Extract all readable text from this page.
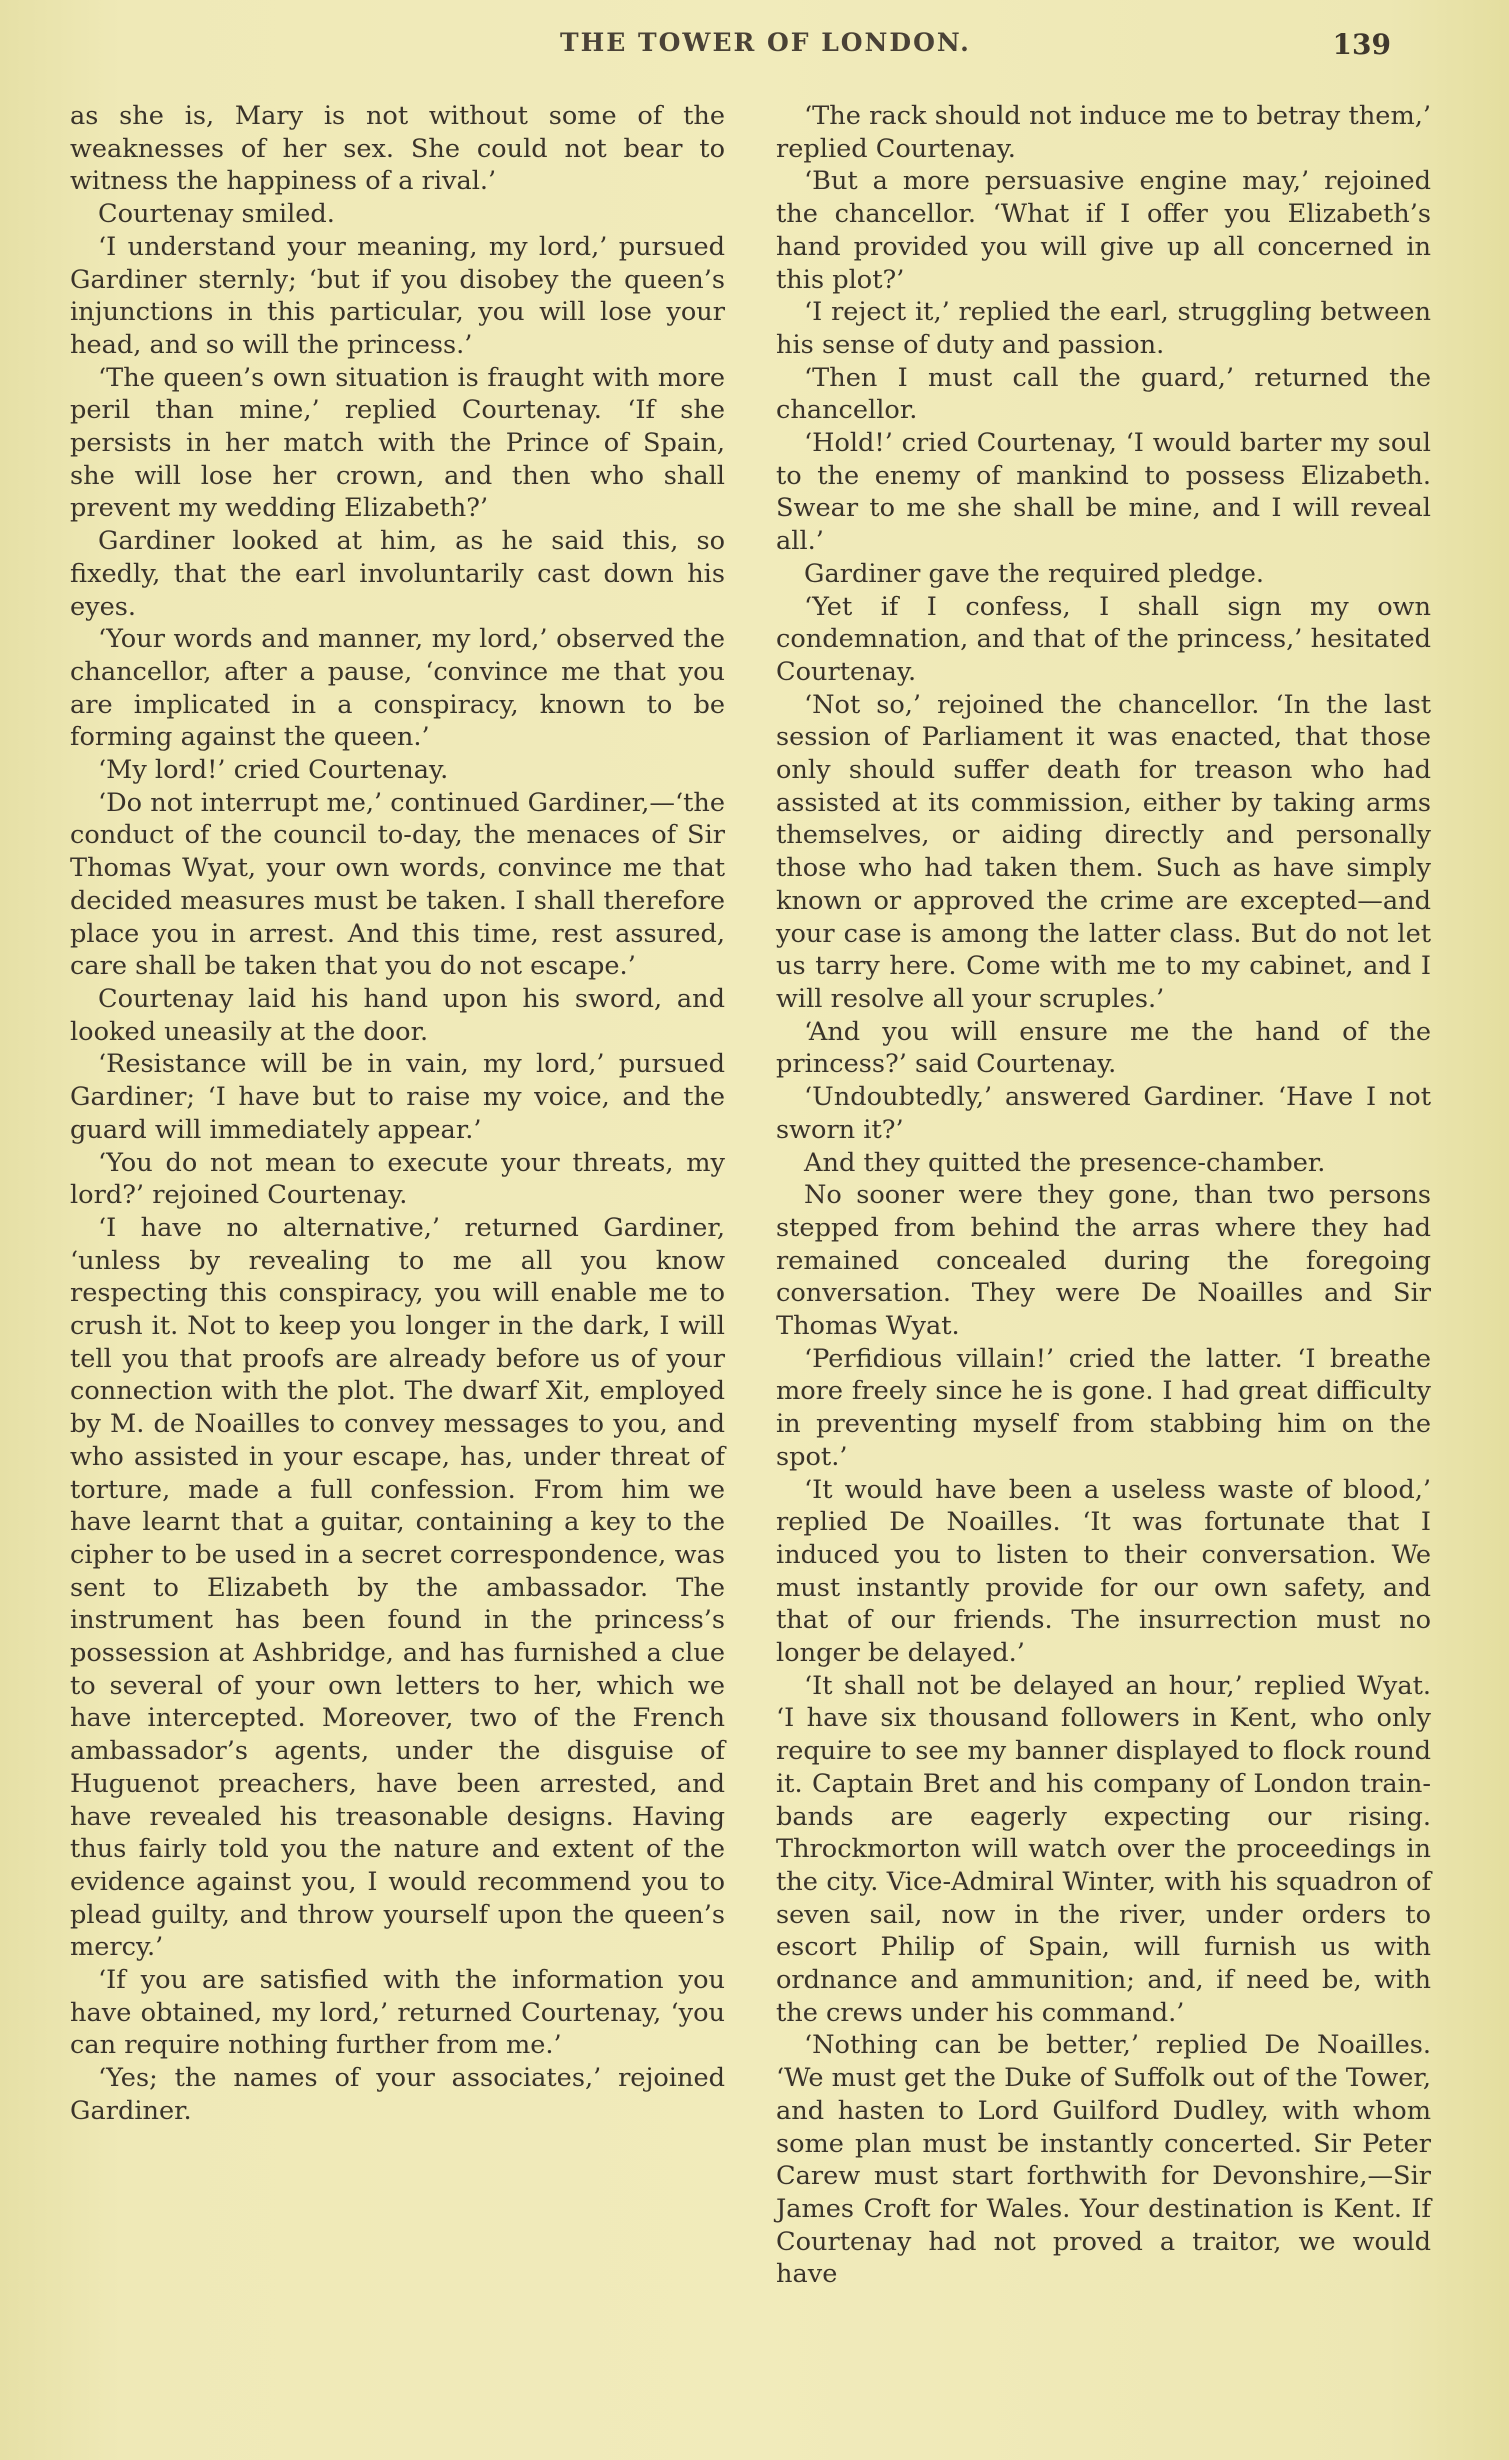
THE TOWER OF LONDON.	139

as she is, Mary is not without some of the weaknesses of her sex. She could not bear to witness the happiness of a rival.’

Courtenay smiled.

‘I understand your meaning, my lord,’ pursued Gardiner sternly; ‘but if you disobey the queen’s injunctions in this particular, you will lose your head, and so will the princess.’

‘The queen’s own situation is fraught with more peril than mine,’ replied Courtenay. ‘If she persists in her match with the Prince of Spain, she will lose her crown, and then who shall prevent my wedding Elizabeth?’

Gardiner looked at him, as he said this, so fixedly, that the earl involuntarily cast down his eyes.

‘Your words and manner, my lord,’ observed the chancellor, after a pause, ‘convince me that you are implicated in a conspiracy, known to be forming against the queen.’

‘My lord!’ cried Courtenay.

‘Do not interrupt me,’ continued Gardiner,—‘the conduct of the council to-day, the menaces of Sir Thomas Wyat, your own words, convince me that decided measures must be taken. I shall therefore place you in arrest. And this time, rest assured, care shall be taken that you do not escape.’

Courtenay laid his hand upon his sword, and looked uneasily at the door.

‘Resistance will be in vain, my lord,’ pursued Gardiner; ‘I have but to raise my voice, and the guard will immediately appear.’

‘You do not mean to execute your threats, my lord?’ rejoined Courtenay.

‘I have no alternative,’ returned Gardiner, ‘unless by revealing to me all you know respecting this conspiracy, you will enable me to crush it. Not to keep you longer in the dark, I will tell you that proofs are already before us of your connection with the plot. The dwarf Xit, employed by M. de Noailles to convey messages to you, and who assisted in your escape, has, under threat of torture, made a full confession. From him we have learnt that a guitar, containing a key to the cipher to be used in a secret correspondence, was sent to Elizabeth by the ambassador. The instrument has been found in the princess’s possession at Ashbridge, and has furnished a clue to several of your own letters to her, which we have intercepted. Moreover, two of the French ambassador’s agents, under the disguise of Huguenot preachers, have been arrested, and have revealed his treasonable designs. Having thus fairly told you the nature and extent of the evidence against you, I would recommend you to plead guilty, and throw yourself upon the queen’s mercy.’

‘If you are satisfied with the information you have obtained, my lord,’ returned Courtenay, ‘you can require nothing further from me.’

‘Yes; the names of your associates,’ rejoined Gardiner.

‘The rack should not induce me to betray them,’ replied Courtenay.

‘But a more persuasive engine may,’ rejoined the chancellor. ‘What if I offer you Elizabeth’s hand provided you will give up all concerned in this plot?’

‘I reject it,’ replied the earl, struggling between his sense of duty and passion.

‘Then I must call the guard,’ returned the chancellor.

‘Hold!’ cried Courtenay, ‘I would barter my soul to the enemy of mankind to possess Elizabeth. Swear to me she shall be mine, and I will reveal all.’

Gardiner gave the required pledge.

‘Yet if I confess, I shall sign my own condemnation, and that of the princess,’ hesitated Courtenay.

‘Not so,’ rejoined the chancellor. ‘In the last session of Parliament it was enacted, that those only should suffer death for treason who had assisted at its commission, either by taking arms themselves, or aiding directly and personally those who had taken them. Such as have simply known or approved the crime are excepted—and your case is among the latter class. But do not let us tarry here. Come with me to my cabinet, and I will resolve all your scruples.’

‘And you will ensure me the hand of the princess?’ said Courtenay.

‘Undoubtedly,’ answered Gardiner. ‘Have I not sworn it?’

And they quitted the presence-chamber.

No sooner were they gone, than two persons stepped from behind the arras where they had remained concealed during the foregoing conversation. They were De Noailles and Sir Thomas Wyat.

‘Perfidious villain!’ cried the latter. ‘I breathe more freely since he is gone. I had great difficulty in preventing myself from stabbing him on the spot.’

‘It would have been a useless waste of blood,’ replied De Noailles. ‘It was fortunate that I induced you to listen to their conversation. We must instantly provide for our own safety, and that of our friends. The insurrection must no longer be delayed.’

‘It shall not be delayed an hour,’ replied Wyat. ‘I have six thousand followers in Kent, who only require to see my banner displayed to flock round it. Captain Bret and his company of London train-bands are eagerly expecting our rising. Throckmorton will watch over the proceedings in the city. Vice-Admiral Winter, with his squadron of seven sail, now in the river, under orders to escort Philip of Spain, will furnish us with ordnance and ammunition; and, if need be, with the crews under his command.’

‘Nothing can be better,’ replied De Noailles. ‘We must get the Duke of Suffolk out of the Tower, and hasten to Lord Guilford Dudley, with whom some plan must be instantly concerted. Sir Peter Carew must start forthwith for Devonshire,—Sir James Croft for Wales. Your destination is Kent. If Courtenay had not proved a traitor, we would have
